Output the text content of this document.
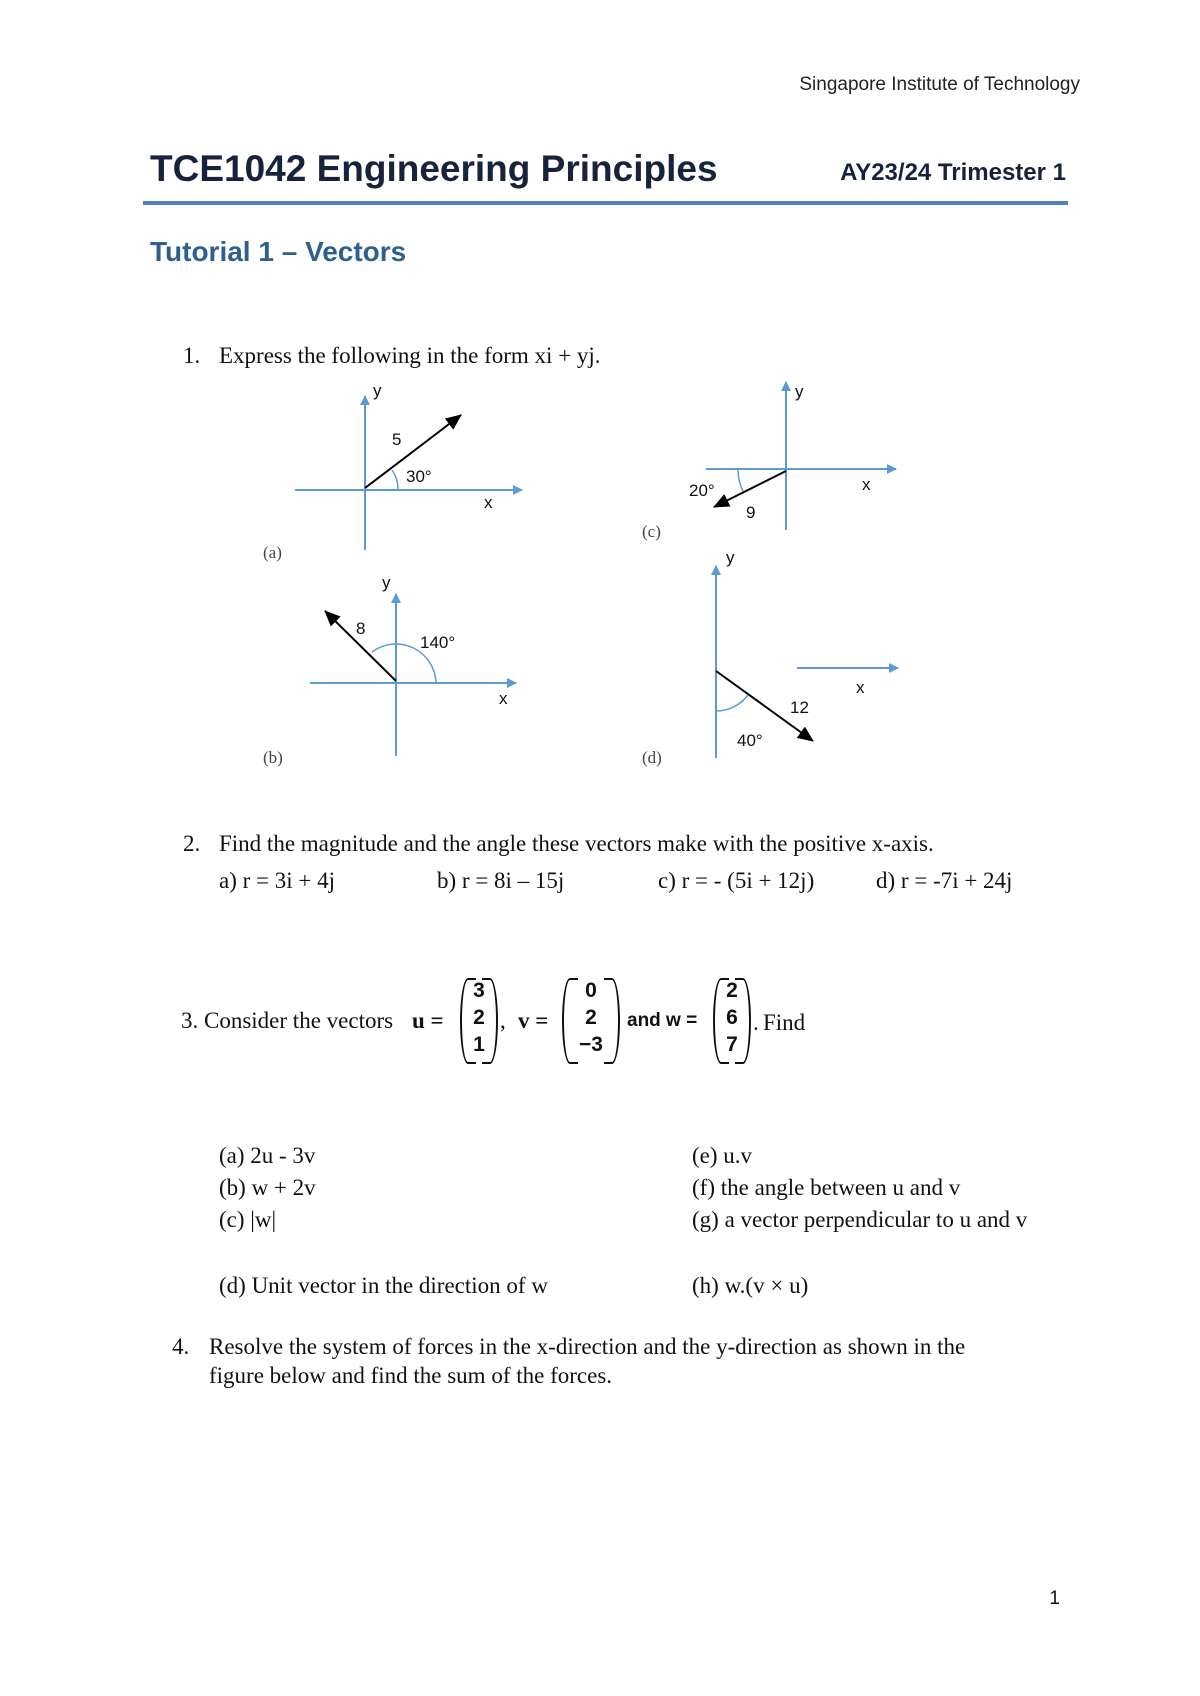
Singapore Institute of Technology
TCE1042 Engineering Principles	AY23/24 Trimester 1
Tutorial 1 – Vectors
1. Express the following in the form xi + yj.
y
x
5
30°
(a)
y
x
8
140°
(b)
y
x
9
20°
(c)
y
x
12
40°
(d)
2. Find the magnitude and the angle these vectors make with the positive x-axis.
a) r = 3i + 4j	b) r = 8i – 15j	c) r = - (5i + 12j)	d) r = -7i + 24j
3. Consider the vectors u =
3
2
1
, v =
0
2
−3
and w =
2
6
7
. Find
(a) 2u - 3v
(b) w + 2v
(c) |w|
(d) Unit vector in the direction of w
(e) u.v
(f) the angle between u and v
(g) a vector perpendicular to u and v
(h) w.(v × u)
4. Resolve the system of forces in the x-direction and the y-direction as shown in the
figure below and find the sum of the forces.
1
